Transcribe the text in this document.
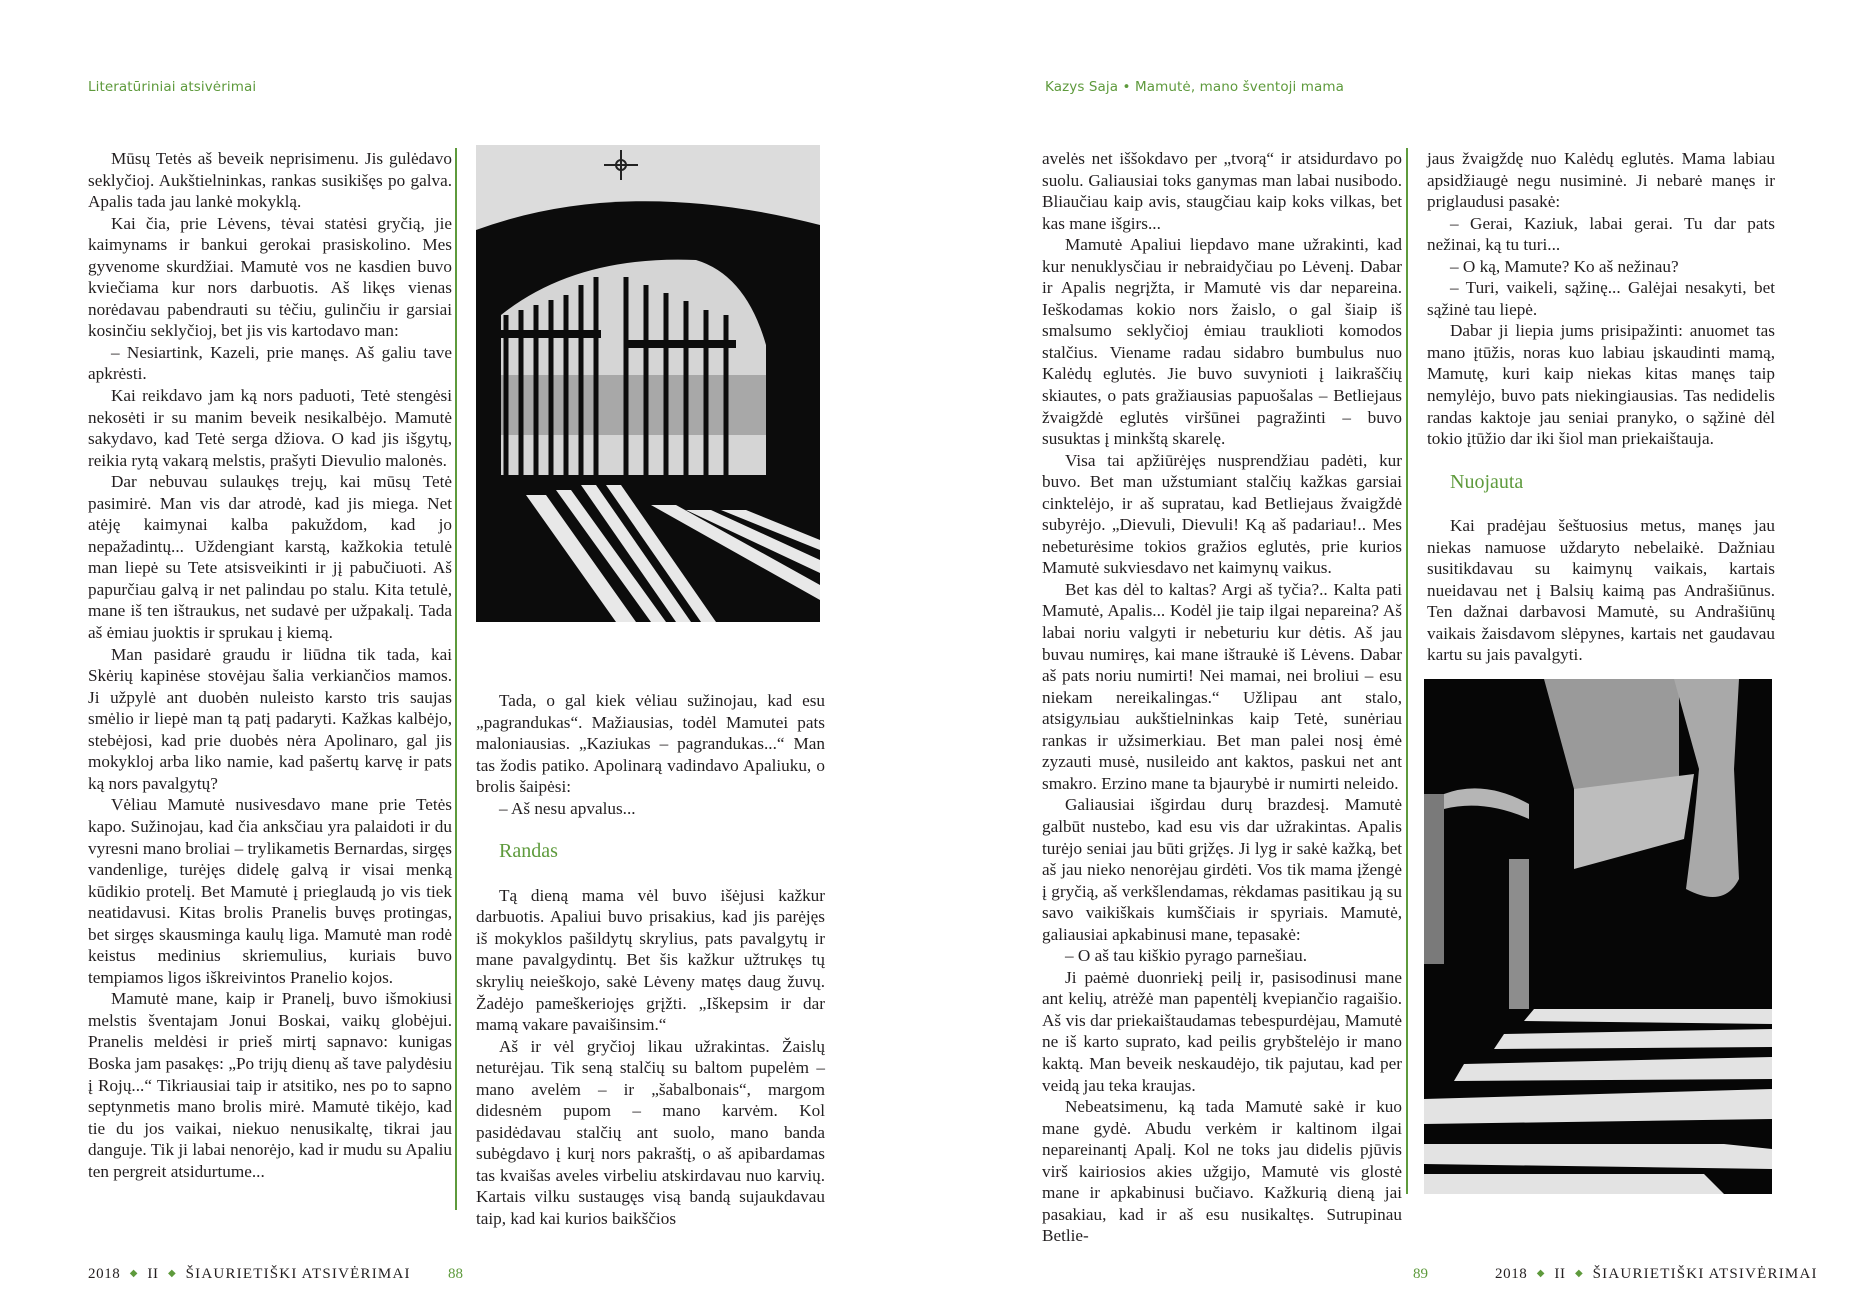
Literatūriniai atsivėrimai

Mūsų Tetės aš beveik neprisimenu. Jis gulėdavo seklyčioj. Aukštielninkas, rankas susikišęs po galva. Apalis tada jau lankė mokyklą.

Kai čia, prie Lėvens, tėvai statėsi gryčią, jie kaimynams ir bankui gerokai prasiskolino. Mes gyvenome skurdžiai. Mamutė vos ne kasdien buvo kviečiama kur nors darbuotis. Aš likęs vienas norėdavau pabendrauti su tėčiu, gulinčiu ir garsiai kosinčiu seklyčioj, bet jis vis kartodavo man:

– Nesiartink, Kazeli, prie manęs. Aš galiu tave apkrėsti.

Kai reikdavo jam ką nors paduoti, Tetė stengėsi nekosėti ir su manim beveik nesikalbėjo. Mamutė sakydavo, kad Tetė serga džiova. O kad jis išgytų, reikia rytą vakarą melstis, prašyti Dievulio malonės.

Dar nebuvau sulaukęs trejų, kai mūsų Tetė pasimirė. Man vis dar atrodė, kad jis miega. Net atėję kaimynai kalba pakuždom, kad jo nepažadintų... Uždengiant karstą, kažkokia tetulė man liepė su Tete atsisveikinti ir jį pabučiuoti. Aš papurčiau galvą ir net palindau po stalu. Kita tetulė, mane iš ten ištraukus, net sudavė per užpakalį. Tada aš ėmiau juoktis ir sprukau į kiemą.

Man pasidarė graudu ir liūdna tik tada, kai Skėrių kapinėse stovėjau šalia verkiančios mamos. Ji užpylė ant duobėn nuleisto karsto tris saujas smėlio ir liepė man tą patį padaryti. Kažkas kalbėjo, stebėjosi, kad prie duobės nėra Apolinaro, gal jis mokykloj arba liko namie, kad pašertų karvę ir pats ką nors pavalgytų?

Vėliau Mamutė nusivesdavo mane prie Tetės kapo. Sužinojau, kad čia anksčiau yra palaidoti ir du vyresni mano broliai – trylikametis Bernardas, sirgęs vandenlige, turėjęs didelę galvą ir visai menką kūdikio protelį. Bet Mamutė į prieglaudą jo vis tiek neatidavusi. Kitas brolis Pranelis buvęs protingas, bet sirgęs skausminga kaulų liga. Mamutė man rodė keistus medinius skriemulius, kuriais buvo tempiamos ligos iškreivintos Pranelio kojos.

Mamutė mane, kaip ir Pranelį, buvo išmokiusi melstis šventajam Jonui Boskai, vaikų globėjui. Pranelis meldėsi ir prieš mirtį sapnavo: kunigas Boska jam pasakęs: „Po trijų dienų aš tave palydėsiu į Rojų...“ Tikriausiai taip ir atsitiko, nes po to sapno septynmetis mano brolis mirė. Mamutė tikėjo, kad tie du jos vaikai, niekuo nenusikaltę, tikrai jau danguje. Tik ji labai nenorėjo, kad ir mudu su Apaliu ten pergreit atsidurtume...

Tada, o gal kiek vėliau sužinojau, kad esu „pagrandukas“. Mažiausias, todėl Mamutei pats maloniausias. „Kaziukas – pagrandukas...“ Man tas žodis patiko. Apolinarą vadindavo Apaliuku, o brolis šaipėsi:

– Aš nesu apvalus...

Randas

Tą dieną mama vėl buvo išėjusi kažkur darbuotis. Apaliui buvo prisakius, kad jis parėjęs iš mokyklos pašildytų skrylius, pats pavalgytų ir mane pavalgydintų. Bet šis kažkur užtrukęs tų skrylių neieškojo, sakė Lėveny matęs daug žuvų. Žadėjo pameškeriojęs grįžti. „Iškepsim ir dar mamą vakare pavaišinsim.“

Aš ir vėl gryčioj likau užrakintas. Žaislų neturėjau. Tik seną stalčių su baltom pupelėm – mano avelėm – ir „šabalbonais“, margom didesnėm pupom – mano karvėm. Kol pasidėdavau stalčių ant suolo, mano banda subėgdavo į kurį nors pakraštį, o aš apibardamas tas kvaišas aveles virbeliu atskirdavau nuo karvių. Kartais vilku sustaugęs visą bandą sujaukdavau taip, kad kai kurios baikščios

2018 ◆ II ◆ ŠIAURIETIŠKI ATSIVĖRIMAI 88
Kazys Saja • Mamutė, mano šventoji mama

avelės net iššokdavo per „tvorą“ ir atsidurdavo po suolu. Galiausiai toks ganymas man labai nusibodo. Bliaučiau kaip avis, staugčiau kaip koks vilkas, bet kas mane išgirs...

Mamutė Apaliui liepdavo mane užrakinti, kad kur nenuklysčiau ir nebraidyčiau po Lėvenį. Dabar ir Apalis negrįžta, ir Mamutė vis dar nepareina. Ieškodamas kokio nors žaislo, o gal šiaip iš smalsumo seklyčioj ėmiau trauklioti komodos stalčius. Viename radau sidabro bumbulus nuo Kalėdų eglutės. Jie buvo suvynioti į laikraščių skiautes, o pats gražiausias papuošalas – Betliejaus žvaigždė eglutės viršūnei pagražinti – buvo susuktas į minkštą skarelę.

Visa tai apžiūrėjęs nusprendžiau padėti, kur buvo. Bet man užstumiant stalčių kažkas garsiai cinktelėjo, ir aš supratau, kad Betliejaus žvaigždė subyrėjo. „Dievuli, Dievuli! Ką aš padariau!.. Mes nebeturėsime tokios gražios eglutės, prie kurios Mamutė sukviesdavo net kaimynų vaikus.

Bet kas dėl to kaltas? Argi aš tyčia?.. Kalta pati Mamutė, Apalis... Kodėl jie taip ilgai nepareina? Aš labai noriu valgyti ir nebeturiu kur dėtis. Aš jau buvau numiręs, kai mane ištraukė iš Lėvens. Dabar aš pats noriu numirti! Nei mamai, nei broliui – esu niekam nereikalingas.“ Užlipau ant stalo, atsigульiau aukštielninkas kaip Tetė, sunėriau rankas ir užsimerkiau. Bet man palei nosį ėmė zyzauti musė, nusileido ant kaktos, paskui net ant smakro. Erzino mane ta bjaurybė ir numirti neleido.

Galiausiai išgirdau durų brazdesį. Mamutė galbūt nustebo, kad esu vis dar užrakintas. Apalis turėjo seniai jau būti grįžęs. Ji lyg ir sakė kažką, bet aš jau nieko nenorėjau girdėti. Vos tik mama įžengė į gryčią, aš verkšlendamas, rėkdamas pasitikau ją su savo vaikiškais kumščiais ir spyriais. Mamutė, galiausiai apkabinusi mane, tepasakė:

– O aš tau kiškio pyrago parnešiau.

Ji paėmė duonriekį peilį ir, pasisodinusi mane ant kelių, atrėžė man papentėlį kvepiančio ragaišio. Aš vis dar priekaištaudamas tebespurdėjau, Mamutė ne iš karto suprato, kad peilis grybštelėjo ir mano kaktą. Man beveik neskaudėjo, tik pajutau, kad per veidą jau teka kraujas.

Nebeatsimenu, ką tada Mamutė sakė ir kuo mane gydė. Abudu verkėm ir kaltinom ilgai nepareinantį Apalį. Kol ne toks jau didelis pjūvis virš kairiosios akies užgijo, Mamutė vis glostė mane ir apkabinusi bučiavo. Kažkurią dieną jai pasakiau, kad ir aš esu nusikaltęs. Sutrupinau Betlie-

jaus žvaigždę nuo Kalėdų eglutės. Mama labiau apsidžiaugė negu nusiminė. Ji nebarė manęs ir priglaudusi pasakė:

– Gerai, Kaziuk, labai gerai. Tu dar pats nežinai, ką tu turi...

– O ką, Mamute? Ko aš nežinau?

– Turi, vaikeli, sąžinę... Galėjai nesakyti, bet sąžinė tau liepė.

Dabar ji liepia jums prisipažinti: anuomet tas mano įtūžis, noras kuo labiau įskaudinti mamą, Mamutę, kuri kaip niekas kitas manęs taip nemylėjo, buvo pats niekingiausias. Tas nedidelis randas kaktoje jau seniai pranyko, o sąžinė dėl tokio įtūžio dar iki šiol man priekaištauja.

Nuojauta

Kai pradėjau šeštuosius metus, manęs jau niekas namuose uždaryto nebelaikė. Dažniau susitikdavau su kaimynų vaikais, kartais nueidavau net į Balsių kaimą pas Andrašiūnus. Ten dažnai darbavosi Mamutė, su Andrašiūnų vaikais žaisdavom slėpynes, kartais net gaudavau kartu su jais pavalgyti.

89	2018 ◆ II ◆ ŠIAURIETIŠKI ATSIVĖRIMAI
